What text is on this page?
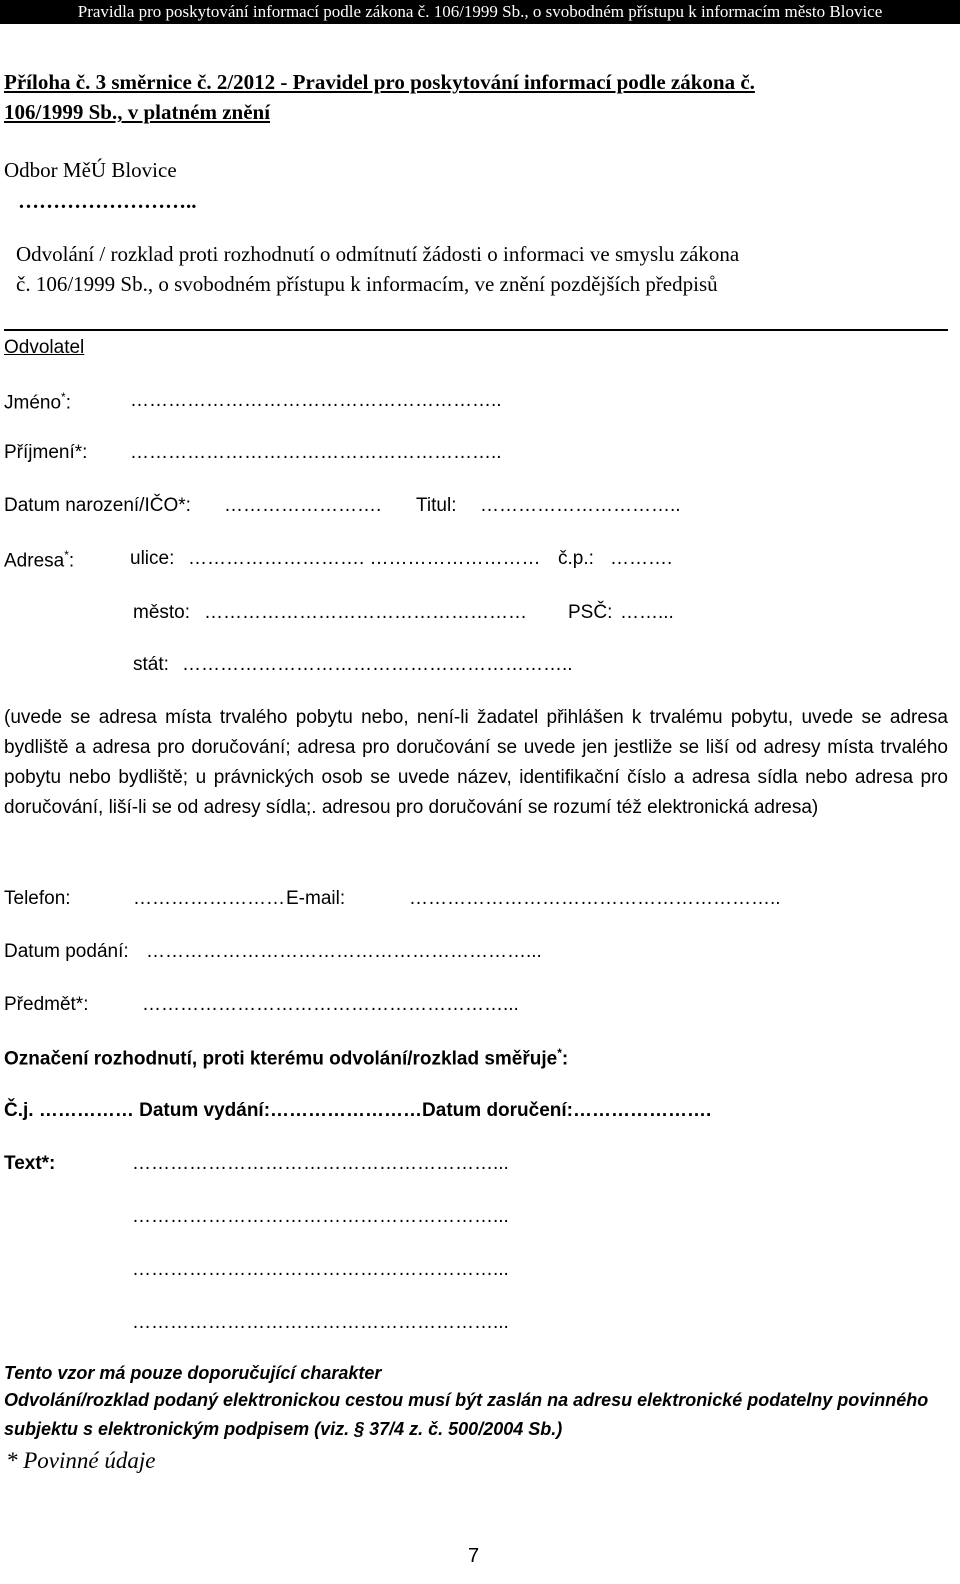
Pravidla pro poskytování informací podle zákona č. 106/1999 Sb., o svobodném přístupu k informacím město Blovice
Příloha č. 3 směrnice č. 2/2012 - Pravidel pro poskytování informací podle zákona č.
106/1999 Sb., v platném znění
Odbor MěÚ Blovice
……………………..
Odvolání / rozklad proti rozhodnutí o odmítnutí žádosti o informaci ve smyslu zákona
č. 106/1999 Sb., o svobodném přístupu k informacím, ve znění pozdějších předpisů
Odvolatel
Jméno*:	…………………………………………………..
Příjmení*: …………………………………………………..
Datum narození/IČO*: ……………………. Titul: …………………………..
Adresa*:	ulice: ………………………. ……………………… č.p.: ……….
město: …………………………………………… PSČ: ……...
stát: ……………………………………………………..
(uvede se adresa místa trvalého pobytu nebo, není-li žadatel přihlášen k trvalému pobytu, uvede se adresa bydliště a adresa pro doručování; adresa pro doručování se uvede jen jestliže se liší od adresy místa trvalého pobytu nebo bydliště; u právnických osob se uvede název, identifikační číslo a adresa sídla nebo adresa pro doručování, liší-li se od adresy sídla;. adresou pro doručování se rozumí též elektronická adresa)
Telefon:	…………………… E-mail:	…………………………………………………..
Datum podání: ……………………………………………………...
Předmět*:	…………………………………………………...
Označení rozhodnutí, proti kterému odvolání/rozklad směřuje*:
Č.j. …………… Datum vydání:……………………Datum doručení:………………….
Text*:	…………………………………………………...
…………………………………………………...
…………………………………………………...
…………………………………………………...
Tento vzor má pouze doporučující charakter
Odvolání/rozklad podaný elektronickou cestou musí být zaslán na adresu elektronické podatelny povinného
subjektu s elektronickým podpisem (viz. § 37/4 z. č. 500/2004 Sb.)
* Povinné údaje
7
